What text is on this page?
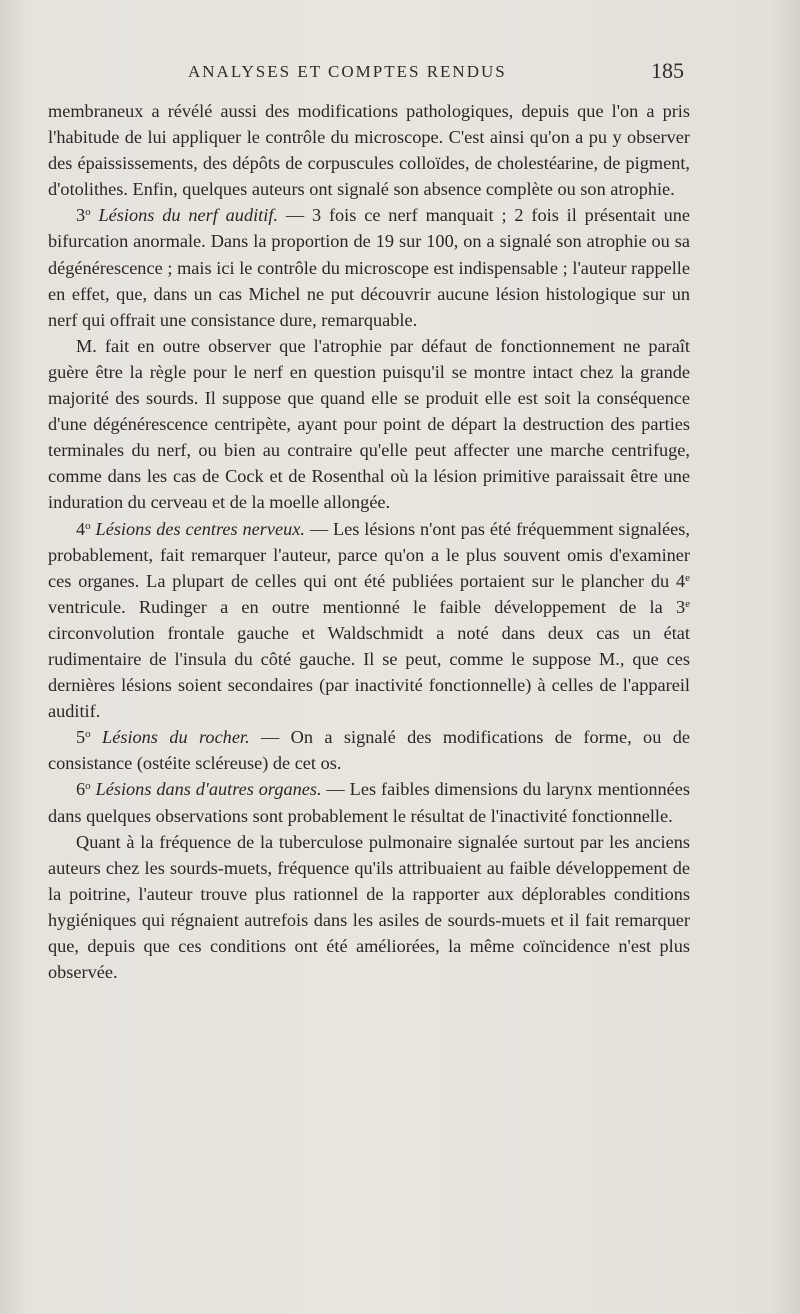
ANALYSES ET COMPTES RENDUS	185

membraneux a révélé aussi des modifications pathologiques, depuis que l'on a pris l'habitude de lui appliquer le contrôle du microscope. C'est ainsi qu'on a pu y observer des épaississements, des dépôts de corpuscules colloïdes, de cholestéarine, de pigment, d'otolithes. Enfin, quelques auteurs ont signalé son absence complète ou son atrophie.

3$^o$ Lésions du nerf auditif. — 3 fois ce nerf manquait ; 2 fois il présentait une bifurcation anormale. Dans la proportion de 19 sur 100, on a signalé son atrophie ou sa dégénérescence ; mais ici le contrôle du microscope est indispensable ; l'auteur rappelle en effet, que, dans un cas Michel ne put découvrir aucune lésion histologique sur un nerf qui offrait une consistance dure, remarquable.

M. fait en outre observer que l'atrophie par défaut de fonctionnement ne paraît guère être la règle pour le nerf en question puisqu'il se montre intact chez la grande majorité des sourds. Il suppose que quand elle se produit elle est soit la conséquence d'une dégénérescence centripète, ayant pour point de départ la destruction des parties terminales du nerf, ou bien au contraire qu'elle peut affecter une marche centrifuge, comme dans les cas de Cock et de Rosenthal où la lésion primitive paraissait être une induration du cerveau et de la moelle allongée.

4$^o$ Lésions des centres nerveux. — Les lésions n'ont pas été fréquemment signalées, probablement, fait remarquer l'auteur, parce qu'on a le plus souvent omis d'examiner ces organes. La plupart de celles qui ont été publiées portaient sur le plancher du 4e ventricule. Rudinger a en outre mentionné le faible développement de la 3e circonvolution frontale gauche et Waldschmidt a noté dans deux cas un état rudimentaire de l'insula du côté gauche. Il se peut, comme le suppose M., que ces dernières lésions soient secondaires (par inactivité fonctionnelle) à celles de l'appareil auditif.

5$^o$ Lésions du rocher. — On a signalé des modifications de forme, ou de consistance (ostéite scléreuse) de cet os.

6$^o$ Lésions dans d'autres organes. — Les faibles dimensions du larynx mentionnées dans quelques observations sont probablement le résultat de l'inactivité fonctionnelle.

Quant à la fréquence de la tuberculose pulmonaire signalée surtout par les anciens auteurs chez les sourds-muets, fréquence qu'ils attribuaient au faible développement de la poitrine, l'auteur trouve plus rationnel de la rapporter aux déplorables conditions hygiéniques qui régnaient autrefois dans les asiles de sourds-muets et il fait remarquer que, depuis que ces conditions ont été améliorées, la même coïncidence n'est plus observée.
